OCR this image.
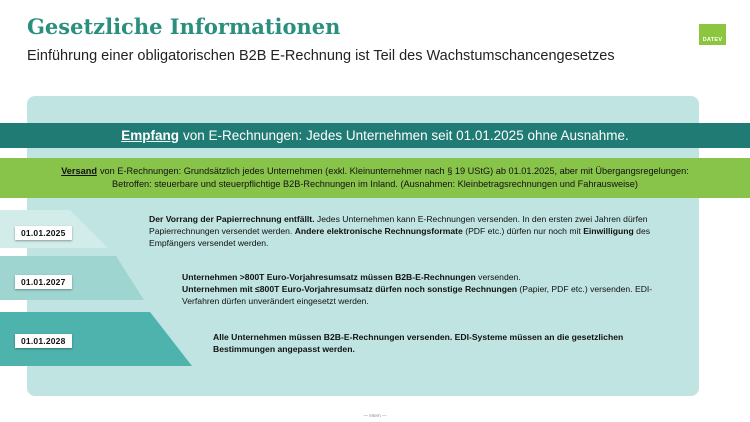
Gesetzliche Informationen

Einführung einer obligatorischen B2B E-Rechnung ist Teil des Wachstumschancengesetzes

DATEV
Empfang von E-Rechnungen: Jedes Unternehmen seit 01.01.2025 ohne Ausnahme.
Versand von E-Rechnungen: Grundsätzlich jedes Unternehmen (exkl. Kleinunternehmer nach § 19 UStG) ab 01.01.2025, aber mit Übergangsregelungen:
Betroffen: steuerbare und steuerpflichtige B2B-Rechnungen im Inland. (Ausnahmen: Kleinbetragsrechnungen und Fahrausweise)
01.01.2025
01.01.2027
01.01.2028
Der Vorrang der Papierrechnung entfällt. Jedes Unternehmen kann E-Rechnungen versenden. In den ersten zwei Jahren dürfen Papierrechnungen versendet werden. Andere elektronische Rechnungsformate (PDF etc.) dürfen nur noch mit Einwilligung des Empfängers versendet werden.
Unternehmen >800T Euro-Vorjahresumsatz müssen B2B-E-Rechnungen versenden.
Unternehmen mit ≤800T Euro-Vorjahresumsatz dürfen noch sonstige Rechnungen (Papier, PDF etc.) versenden. EDI-Verfahren dürfen unverändert eingesetzt werden.
Alle Unternehmen müssen B2B-E-Rechnungen versenden. EDI-Systeme müssen an die gesetzlichen Bestimmungen angepasst werden.
— Intern —
